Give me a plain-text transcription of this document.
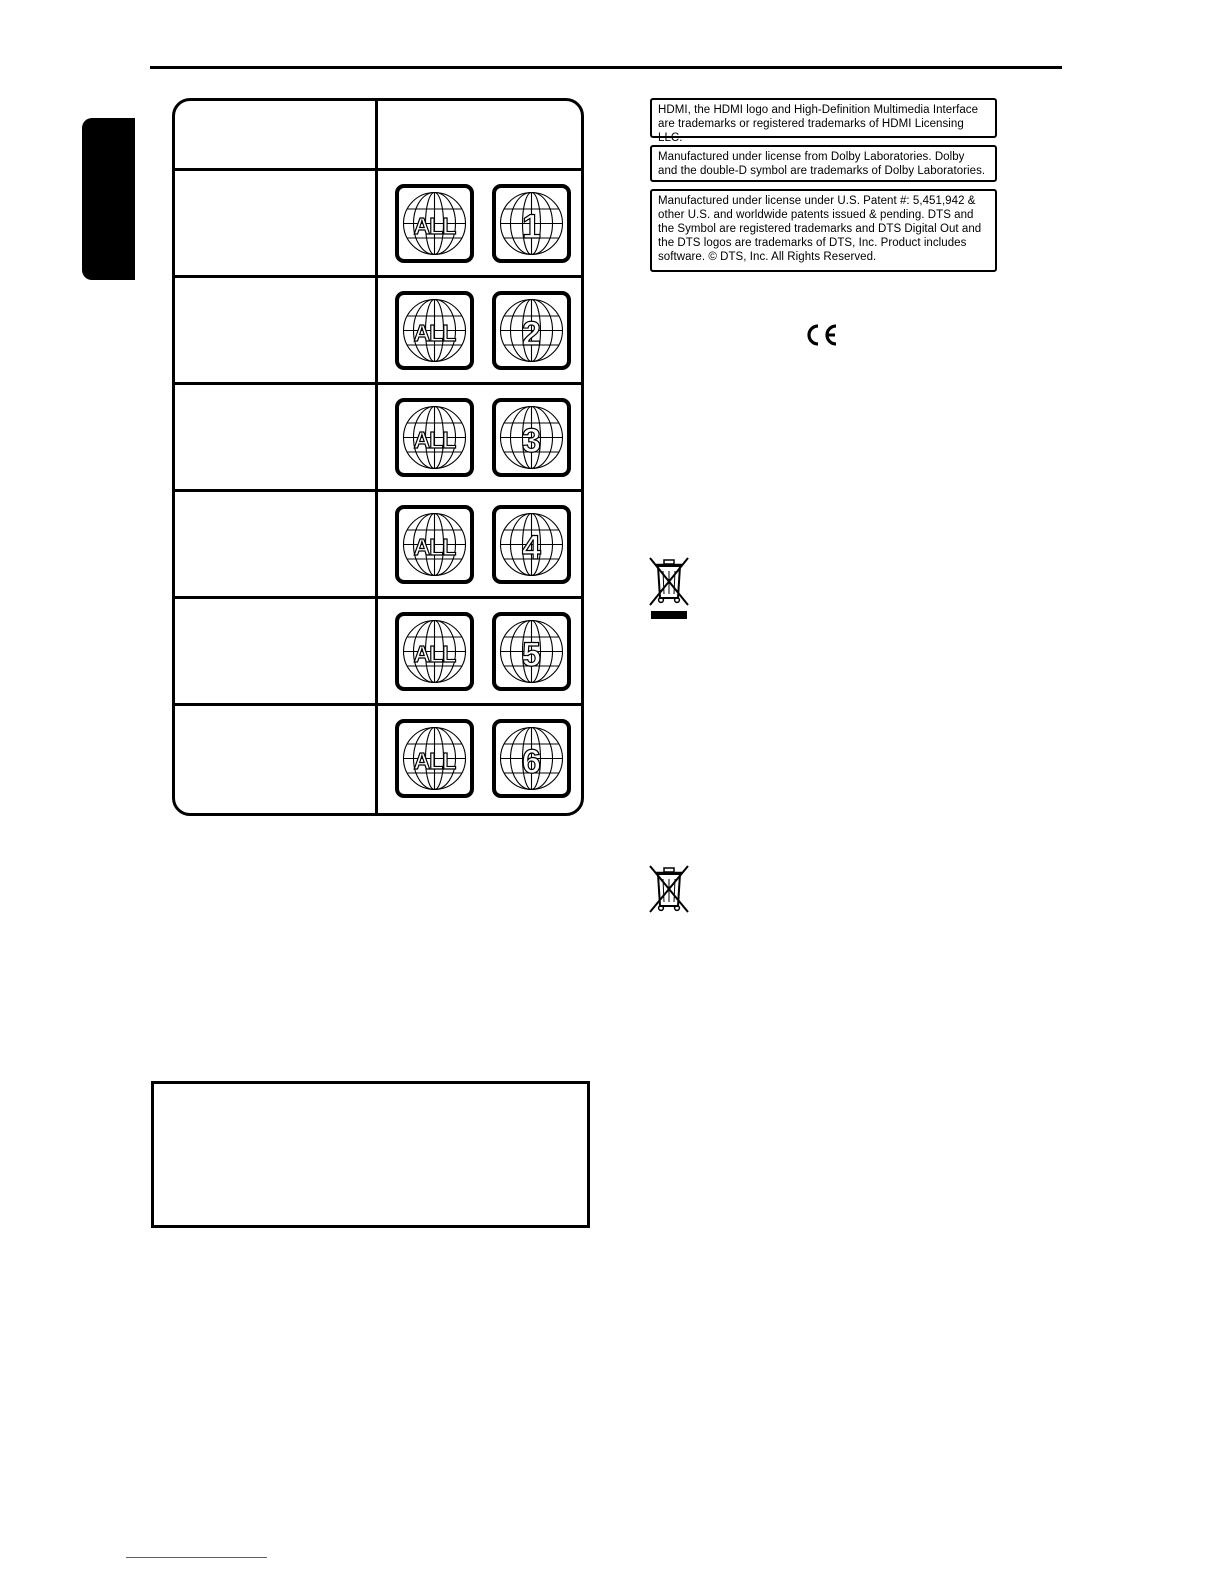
ALL 1
ALL 2
ALL 3
ALL 4
ALL 5
ALL 6
HDMI, the HDMI logo and High-Definition Multimedia Interface
are trademarks or registered trademarks of HDMI Licensing LLC.
Manufactured under license from Dolby Laboratories. Dolby
and the double-D symbol are trademarks of Dolby Laboratories.
Manufactured under license under U.S. Patent #: 5,451,942 &
other U.S. and worldwide patents issued & pending. DTS and
the Symbol are registered trademarks and DTS Digital Out and
the DTS logos are trademarks of DTS, Inc. Product includes
software. © DTS, Inc. All Rights Reserved.
